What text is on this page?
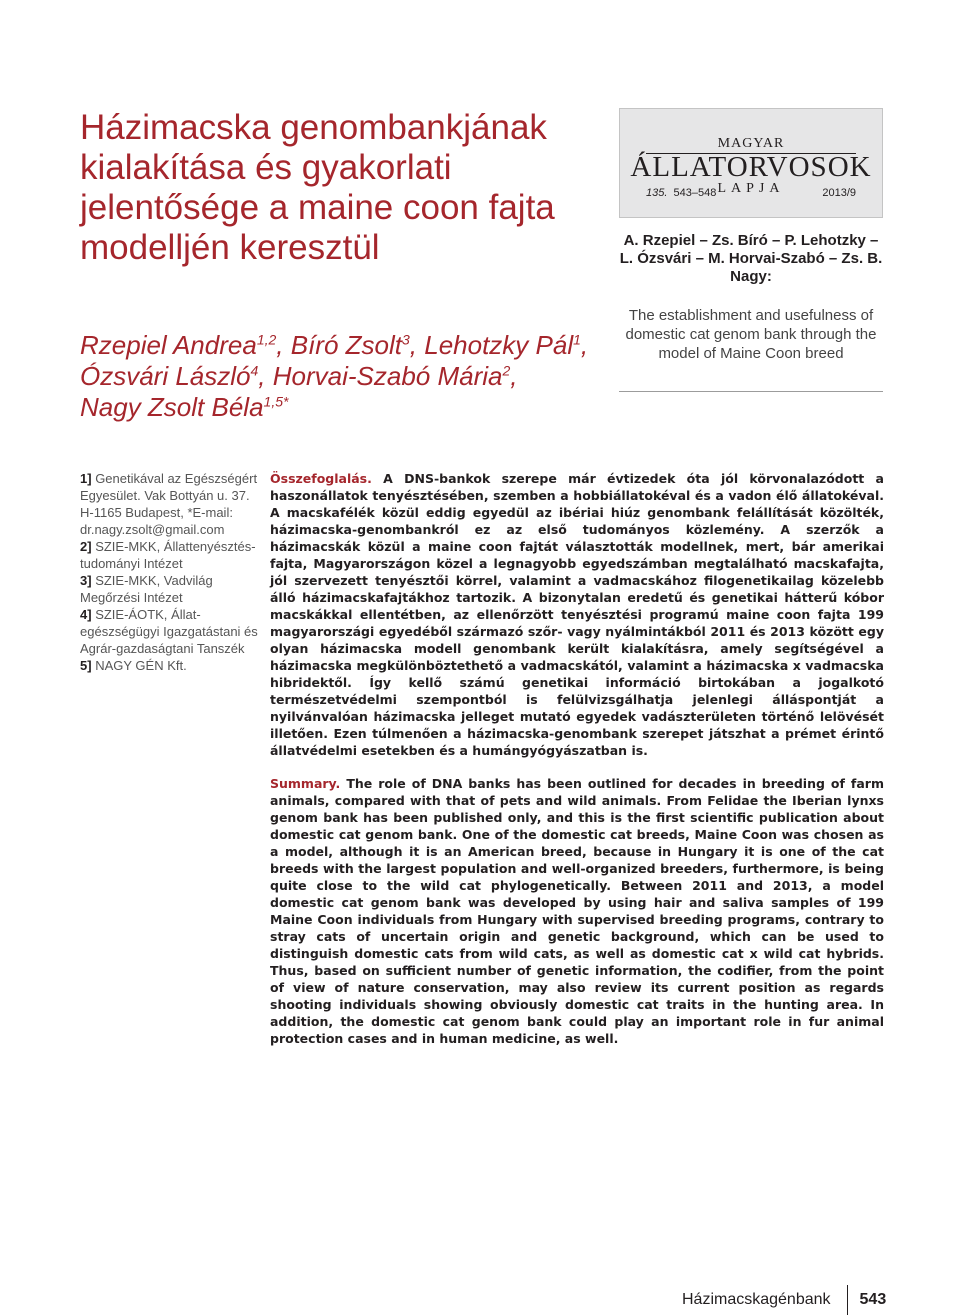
Házimacska genombankjának kialakítása és gyakorlati jelentősége a maine coon fajta modelljén keresztül

Rzepiel Andrea$^{1,2}$, Bíró Zsolt$^3$, Lehotzky Pál$^1$,
Ózsvári László$^4$, Horvai-Szabó Mária$^2$,
Nagy Zsolt Béla$^{1,5*}$

MAGYAR
ÁLLATORVOSOK
LAPJA
135. 543–548	2013/9
A. Rzepiel – Zs. Bíró – P. Lehotzky – L. Ózsvári – M. Horvai-Szabó – Zs. B. Nagy:
The establishment and usefulness of domestic cat genom bank through the model of Maine Coon breed
1] Genetikával az Egészségért Egyesület. Vak Bottyán u. 37. H-1165 Budapest, *E-mail: dr.nagy.zsolt@gmail.com
2] SZIE-MKK, Állattenyésztés-tudományi Intézet
3] SZIE-MKK, Vadvilág Megőrzési Intézet
4] SZIE-ÁOTK, Állat-egészségügyi Igazgatástani és Agrár-gazdaságtani Tanszék
5] NAGY GÉN Kft.

Összefoglalás. A DNS-bankok szerepe már évtizedek óta jól körvonalazódott a haszonállatok tenyésztésében, szemben a hobbiállatokéval és a vadon élő állatokéval. A macskafélék közül eddig egyedül az ibériai hiúz genombank felállítását közölték, házimacska-genombankról ez az első tudományos közlemény. A szerzők a házimacskák közül a maine coon fajtát választották modellnek, mert, bár amerikai fajta, Magyarországon közel a legnagyobb egyedszámban megtalálható macskafajta, jól szervezett tenyésztői körrel, valamint a vadmacskához filogenetikailag közelebb álló házimacskafajtákhoz tartozik. A bizonytalan eredetű és genetikai hátterű kóbor macskákkal ellentétben, az ellenőrzött tenyésztési programú maine coon fajta 199 magyarországi egyedéből származó szőr- vagy nyálmintákból 2011 és 2013 között egy olyan házimacska modell genombank került kialakításra, amely segítségével a házimacska megkülönböztethető a vadmacskától, valamint a házimacska x vadmacska hibridektől. Így kellő számú genetikai információ birtokában a jogalkotó természetvédelmi szempontból is felülvizsgálhatja jelenlegi álláspontját a nyilvánvalóan házimacska jelleget mutató egyedek vadászterületen történő lelövését illetően. Ezen túlmenően a házimacska-genombank szerepet játszhat a prémet érintő állatvédelmi esetekben és a humángyógyászatban is.

Summary. The role of DNA banks has been outlined for decades in breeding of farm animals, compared with that of pets and wild animals. From Felidae the Iberian lynxs genom bank has been published only, and this is the first scientific publication about domestic cat genom bank. One of the domestic cat breeds, Maine Coon was chosen as a model, although it is an American breed, because in Hungary it is one of the cat breeds with the largest population and well-organized breeders, furthermore, is being quite close to the wild cat phylogenetically. Between 2011 and 2013, a model domestic cat genom bank was developed by using hair and saliva samples of 199 Maine Coon individuals from Hungary with supervised breeding programs, contrary to stray cats of uncertain origin and genetic background, which can be used to distinguish domestic cats from wild cats, as well as domestic cat x wild cat hybrids. Thus, based on sufficient number of genetic information, the codifier, from the point of view of nature conservation, may also review its current position as regards shooting individuals showing obviously domestic cat traits in the hunting area. In addition, the domestic cat genom bank could play an important role in fur animal protection cases and in human medicine, as well.

Házimacskagénbank 543
